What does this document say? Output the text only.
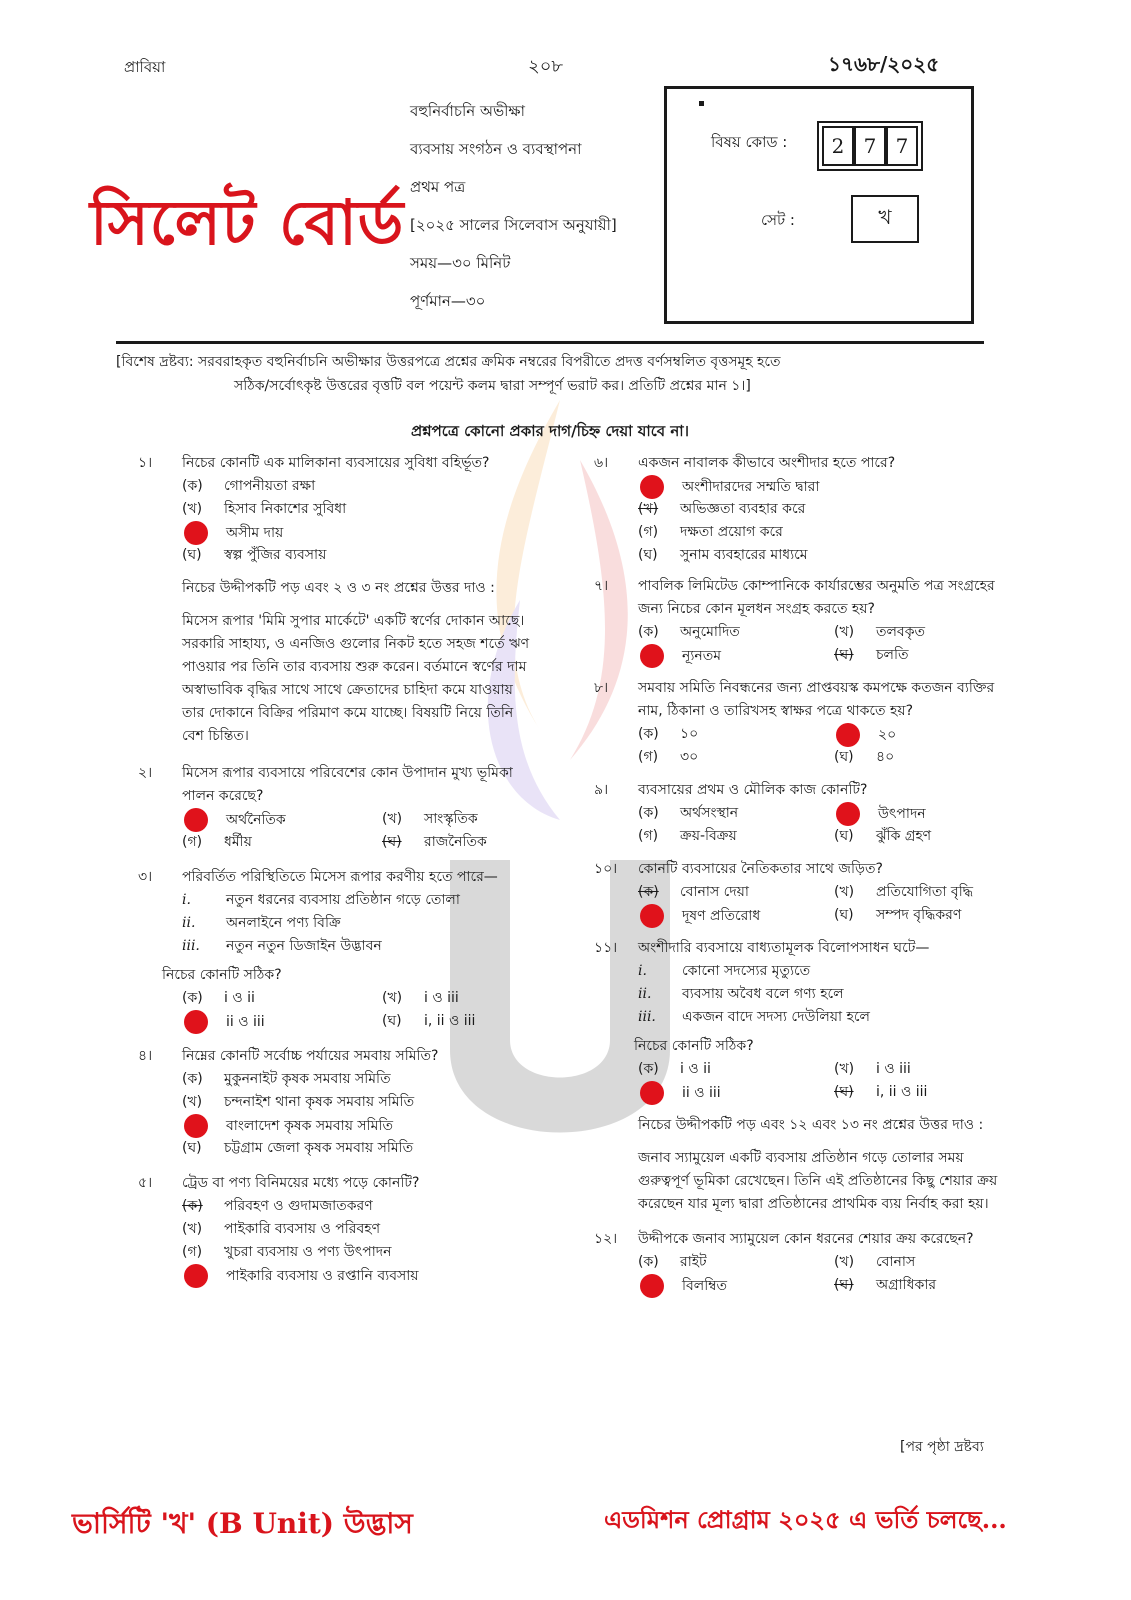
প্রাবিয়া	২০৮	১৭৬৮/২০২৫
সিলেট বোর্ড
বহুনির্বাচনি অভীক্ষা
ব্যবসায় সংগঠন ও ব্যবস্থাপনা
প্রথম পত্র
[২০২৫ সালের সিলেবাস অনুযায়ী]
সময়—৩০ মিনিট
পূর্ণমান—৩০
বিষয় কোড :	2 7 7
সেট :	খ
[বিশেষ দ্রষ্টব্য: সরবরাহকৃত বহুনির্বাচনি অভীক্ষার উত্তরপত্রে প্রশ্নের ক্রমিক নম্বরের বিপরীতে প্রদত্ত বর্ণসম্বলিত বৃত্তসমূহ হতে
সঠিক/সর্বোৎকৃষ্ট উত্তরের বৃত্তটি বল পয়েন্ট কলম দ্বারা সম্পূর্ণ ভরাট কর। প্রতিটি প্রশ্নের মান ১।]
প্রশ্নপত্রে কোনো প্রকার দাগ/চিহ্ন দেয়া যাবে না।
১।	নিচের কোনটি এক মালিকানা ব্যবসায়ের সুবিধা বহির্ভূত?
(ক) গোপনীয়তা রক্ষা
(খ) হিসাব নিকাশের সুবিধা
অসীম দায়
(ঘ) স্বল্প পুঁজির ব্যবসায়
নিচের উদ্দীপকটি পড় এবং ২ ও ৩ নং প্রশ্নের উত্তর দাও :
মিসেস রূপার 'মিমি সুপার মার্কেটে' একটি স্বর্ণের দোকান আছে। সরকারি সাহায্য, ও এনজিও গুলোর নিকট হতে সহজ শর্তে ঋণ পাওয়ার পর তিনি তার ব্যবসায় শুরু করেন। বর্তমানে স্বর্ণের দাম অস্বাভাবিক বৃদ্ধির সাথে সাথে ক্রেতাদের চাহিদা কমে যাওয়ায় তার দোকানে বিক্রির পরিমাণ কমে যাচ্ছে। বিষয়টি নিয়ে তিনি বেশ চিন্তিত।
২।	মিসেস রূপার ব্যবসায়ে পরিবেশের কোন উপাদান মুখ্য ভূমিকা পালন করেছে?
অর্থনৈতিক	(খ) সাংস্কৃতিক
(গ) ধর্মীয়	(ঘ) রাজনৈতিক
৩।	পরিবর্তিত পরিস্থিতিতে মিসেস রূপার করণীয় হতে পারে—
i.	নতুন ধরনের ব্যবসায় প্রতিষ্ঠান গড়ে তোলা
ii.	অনলাইনে পণ্য বিক্রি
iii.	নতুন নতুন ডিজাইন উদ্ভাবন
নিচের কোনটি সঠিক?
(ক) i ও ii	(খ) i ও iii
ii ও iii	(ঘ) i, ii ও iii
৪।	নিম্নের কোনটি সর্বোচ্চ পর্যায়ের সমবায় সমিতি?
(ক) মুকুননাইট কৃষক সমবায় সমিতি
(খ) চন্দনাইশ থানা কৃষক সমবায় সমিতি
বাংলাদেশ কৃষক সমবায় সমিতি
(ঘ) চট্টগ্রাম জেলা কৃষক সমবায় সমিতি
৫।	ট্রেড বা পণ্য বিনিময়ের মধ্যে পড়ে কোনটি?
(ক) পরিবহণ ও গুদামজাতকরণ
(খ) পাইকারি ব্যবসায় ও পরিবহণ
(গ) খুচরা ব্যবসায় ও পণ্য উৎপাদন
পাইকারি ব্যবসায় ও রপ্তানি ব্যবসায়
৬।	একজন নাবালক কীভাবে অংশীদার হতে পারে?
অংশীদারদের সম্মতি দ্বারা
(খ) অভিজ্ঞতা ব্যবহার করে
(গ) দক্ষতা প্রয়োগ করে
(ঘ) সুনাম ব্যবহারের মাধ্যমে
৭।	পাবলিক লিমিটেড কোম্পানিকে কার্যারম্ভের অনুমতি পত্র সংগ্রহের জন্য নিচের কোন মূলধন সংগ্রহ করতে হয়?
(ক) অনুমোদিত	(খ) তলবকৃত
ন্যূনতম	(ঘ) চলতি
৮।	সমবায় সমিতি নিবন্ধনের জন্য প্রাপ্তবয়স্ক কমপক্ষে কতজন ব্যক্তির নাম, ঠিকানা ও তারিখসহ স্বাক্ষর পত্রে থাকতে হয়?
(ক) ১০	২০
(গ) ৩০	(ঘ) ৪০
৯।	ব্যবসায়ের প্রথম ও মৌলিক কাজ কোনটি?
(ক) অর্থসংস্থান	উৎপাদন
(গ) ক্রয়-বিক্রয়	(ঘ) ঝুঁকি গ্রহণ
১০।	কোনটি ব্যবসায়ের নৈতিকতার সাথে জড়িত?
(ক) বোনাস দেয়া	(খ) প্রতিযোগিতা বৃদ্ধি
দূষণ প্রতিরোধ	(ঘ) সম্পদ বৃদ্ধিকরণ
১১।	অংশীদারি ব্যবসায়ে বাধ্যতামূলক বিলোপসাধন ঘটে—
i.	কোনো সদস্যের মৃত্যুতে
ii.	ব্যবসায় অবৈধ বলে গণ্য হলে
iii.	একজন বাদে সদস্য দেউলিয়া হলে
নিচের কোনটি সঠিক?
(ক) i ও ii	(খ) i ও iii
ii ও iii	(ঘ) i, ii ও iii
নিচের উদ্দীপকটি পড় এবং ১২ এবং ১৩ নং প্রশ্নের উত্তর দাও :
জনাব স্যামুয়েল একটি ব্যবসায় প্রতিষ্ঠান গড়ে তোলার সময় গুরুত্বপূর্ণ ভূমিকা রেখেছেন। তিনি এই প্রতিষ্ঠানের কিছু শেয়ার ক্রয় করেছেন যার মূল্য দ্বারা প্রতিষ্ঠানের প্রাথমিক ব্যয় নির্বাহ করা হয়।
১২।	উদ্দীপকে জনাব স্যামুয়েল কোন ধরনের শেয়ার ক্রয় করেছেন?
(ক) রাইট	(খ) বোনাস
বিলম্বিত	(ঘ) অগ্রাধিকার
[পর পৃষ্ঠা দ্রষ্টব্য
ভার্সিটি 'খ' (B Unit) উদ্ভাস	এডমিশন প্রোগ্রাম ২০২৫ এ ভর্তি চলছে...
